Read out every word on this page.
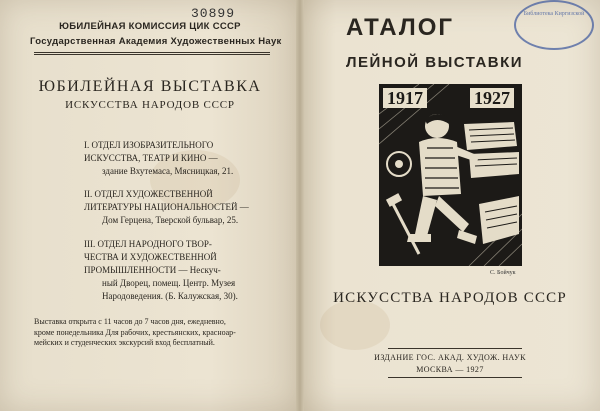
30899
ЮБИЛЕЙНАЯ КОМИССИЯ ЦИК СССР
Государственная Академия Художественных Наук
ЮБИЛЕЙНАЯ ВЫСТАВКА
ИСКУССТВА НАРОДОВ СССР
I. ОТДЕЛ ИЗОБРАЗИТЕЛЬНОГО
ИСКУССТВА, ТЕАТР И КИНО —
здание Вхутемаса, Мясницкая, 21.
II. ОТДЕЛ ХУДОЖЕСТВЕННОЙ
ЛИТЕРАТУРЫ НАЦИОНАЛЬНОСТЕЙ —
Дом Герцена, Тверской бульвар, 25.
III. ОТДЕЛ НАРОДНОГО ТВОР-
ЧЕСТВА И ХУДОЖЕСТВЕННОЙ
ПРОМЫШЛЕННОСТИ — Нескуч-
ный Дворец, помещ. Центр. Музея
Народоведения. (Б. Калужская, 30).
Выставка открыта с 11 часов до 7 часов дня, ежедневно,
кроме понедельника Для рабочих, крестьянских, красноар-
мейских и студенческих экскурсий вход бесплатный.
АТАЛОГ
ЛЕЙНОЙ ВЫСТАВКИ
Библиотека Киргизской
1917	1927
С. Бойчук
ИСКУССТВА НАРОДОВ СССР
ИЗДАНИЕ ГОС. АКАД. ХУДОЖ. НАУК
МОСКВА — 1927
